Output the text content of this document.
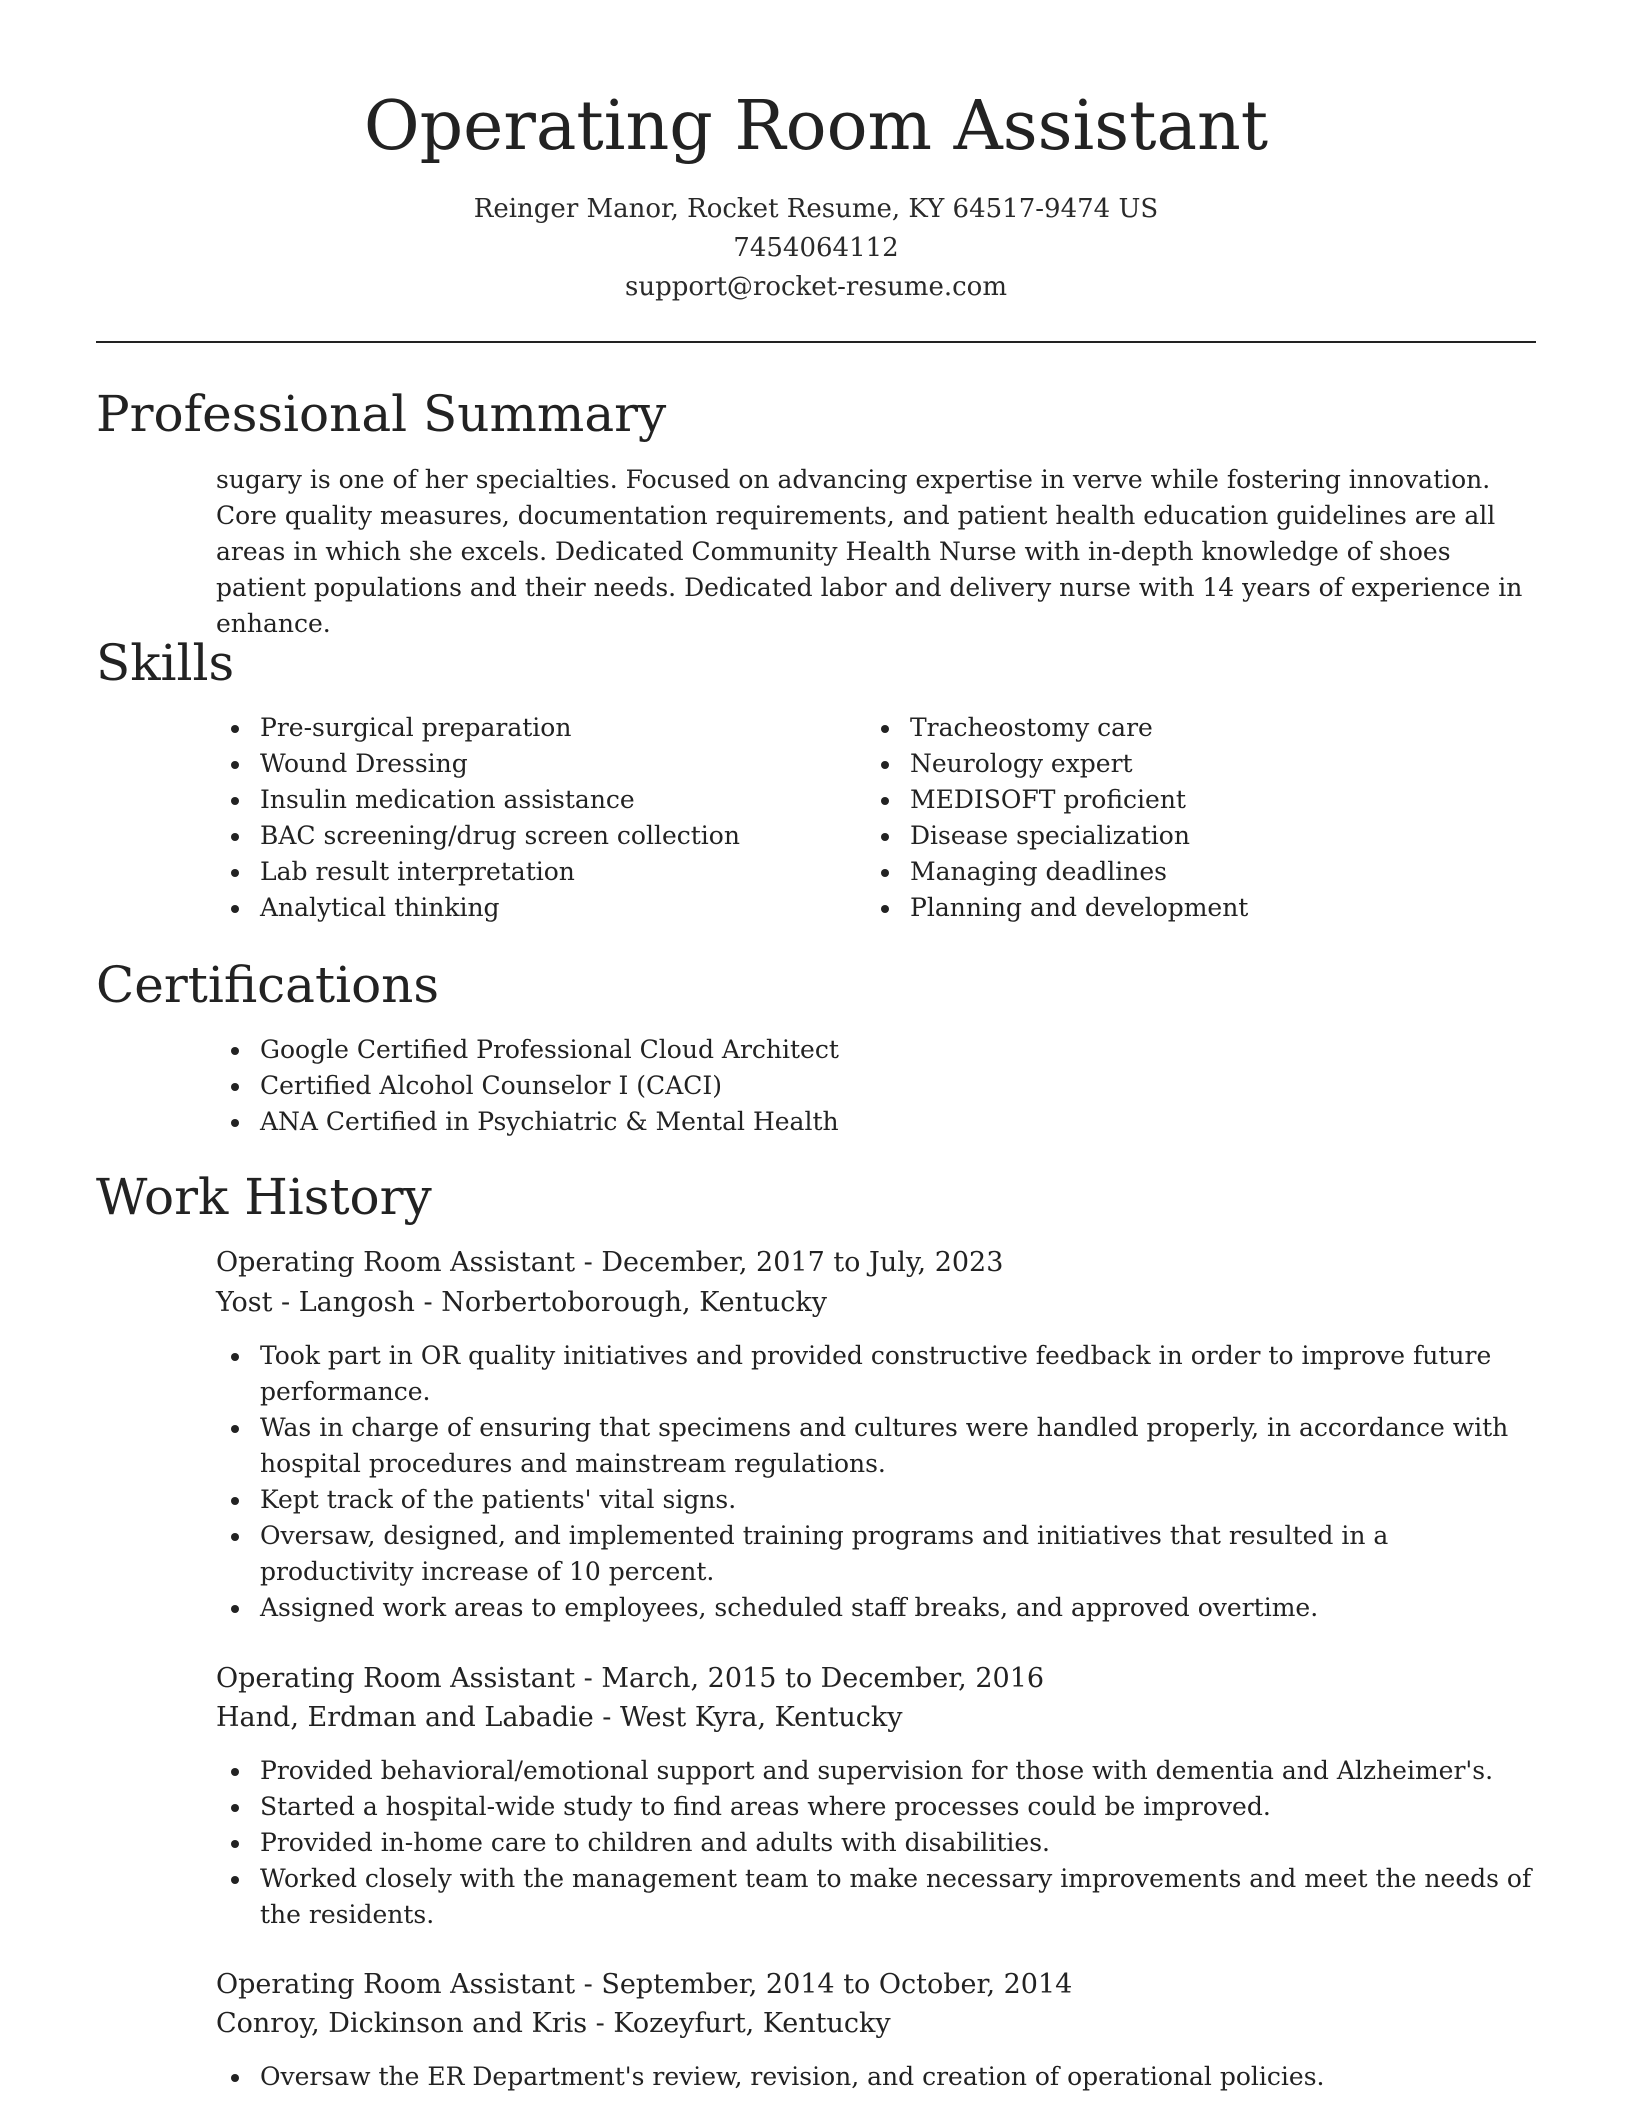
Operating Room Assistant
Reinger Manor, Rocket Resume, KY 64517-9474 US
7454064112
support@rocket-resume.com
Professional Summary

sugary is one of her specialties. Focused on advancing expertise in verve while fostering innovation. Core quality measures, documentation requirements, and patient health education guidelines are all areas in which she excels. Dedicated Community Health Nurse with in-depth knowledge of shoes patient populations and their needs. Dedicated labor and delivery nurse with 14 years of experience in enhance.

Skills
Pre-surgical preparation
Wound Dressing
Insulin medication assistance
BAC screening/drug screen collection
Lab result interpretation
Analytical thinking
Tracheostomy care
Neurology expert
MEDISOFT proficient
Disease specialization
Managing deadlines
Planning and development
Certifications
Google Certified Professional Cloud Architect
Certified Alcohol Counselor I (CACI)
ANA Certified in Psychiatric & Mental Health
Work History
Operating Room Assistant - December, 2017 to July, 2023
Yost - Langosh - Norbertoborough, Kentucky
Took part in OR quality initiatives and provided constructive feedback in order to improve future performance.
Was in charge of ensuring that specimens and cultures were handled properly, in accordance with hospital procedures and mainstream regulations.
Kept track of the patients' vital signs.
Oversaw, designed, and implemented training programs and initiatives that resulted in a productivity increase of 10 percent.
Assigned work areas to employees, scheduled staff breaks, and approved overtime.
Operating Room Assistant - March, 2015 to December, 2016
Hand, Erdman and Labadie - West Kyra, Kentucky
Provided behavioral/emotional support and supervision for those with dementia and Alzheimer's.
Started a hospital-wide study to find areas where processes could be improved.
Provided in-home care to children and adults with disabilities.
Worked closely with the management team to make necessary improvements and meet the needs of the residents.
Operating Room Assistant - September, 2014 to October, 2014
Conroy, Dickinson and Kris - Kozeyfurt, Kentucky
Oversaw the ER Department's review, revision, and creation of operational policies.
